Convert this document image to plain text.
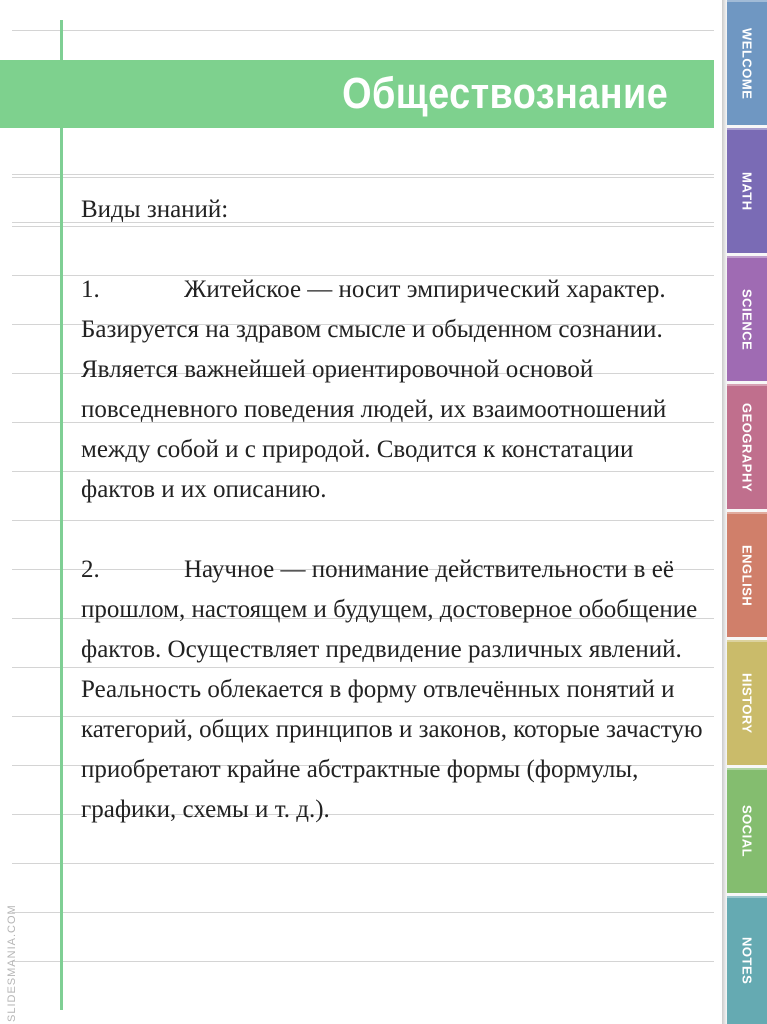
Обществознание

Виды знаний:

1.	Житейское — носит эмпирический характер. Базируется на здравом смысле и обыденном сознании. Является важнейшей ориентировочной основой повседневного поведения людей, их взаимоотношений между собой и с природой. Сводится к констатации фактов и их описанию.

2.	Научное — понимание действительности в её прошлом, настоящем и будущем, достоверное обобщение фактов. Осуществляет предвидение различных явлений. Реальность облекается в форму отвлечённых понятий и категорий, общих принципов и законов, которые зачастую приобретают крайне абстрактные формы (формулы, графики, схемы и т. д.).

SLIDESMANIA.COM
WELCOME
MATH
SCIENCE
GEOGRAPHY
ENGLISH
HISTORY
SOCIAL
NOTES
